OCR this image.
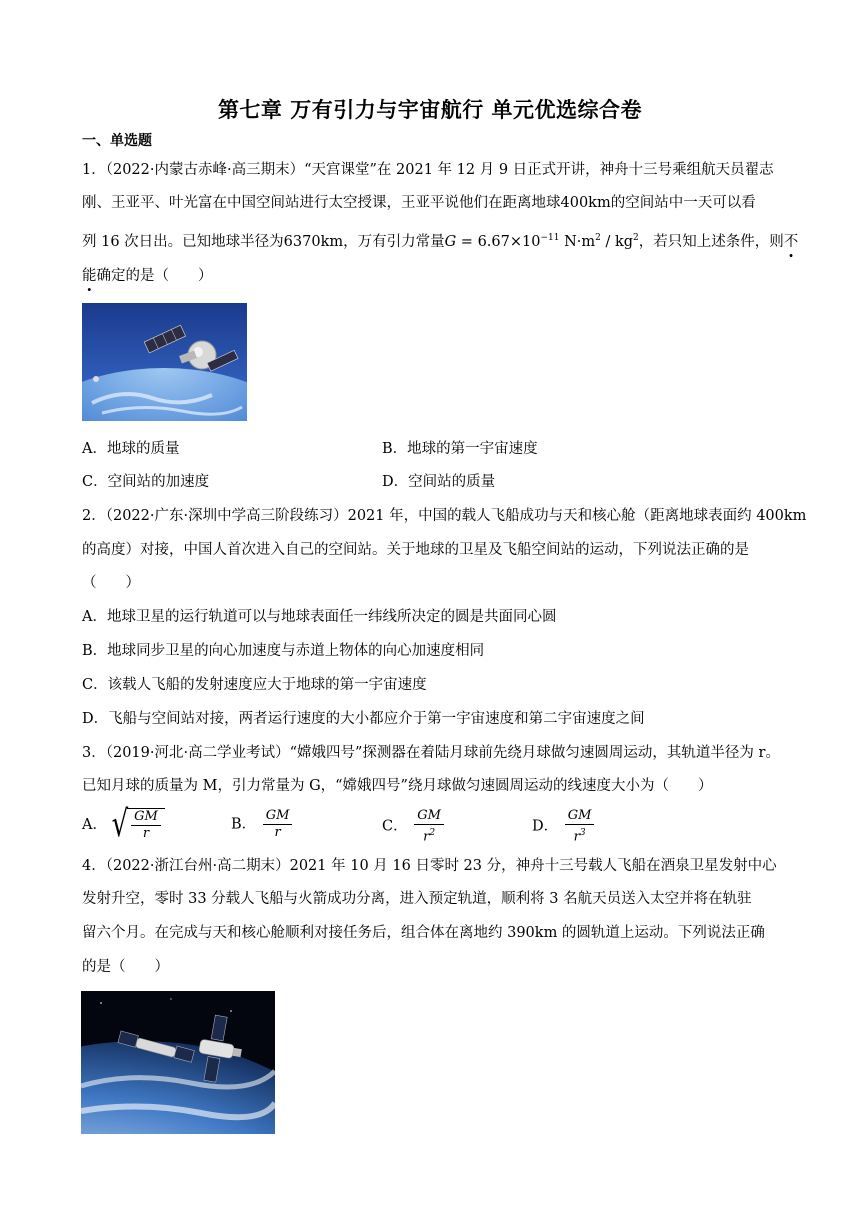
第七章 万有引力与宇宙航行 单元优选综合卷
一、单选题
1．（2022·内蒙古赤峰·高三期末）“天宫课堂”在 2021 年 12 月 9 日正式开讲，神舟十三号乘组航天员翟志
刚、王亚平、叶光富在中国空间站进行太空授课，王亚平说他们在距离地球400km的空间站中一天可以看
列 16 次日出。已知地球半径为6370km，万有引力常量$G = 6.67\times 10^{-11}$ $N\cdot m^2 / kg^2$，若只知上述条件，则不
能确定的是（　　）
A．地球的质量	B．地球的第一宇宙速度
C．空间站的加速度	D．空间站的质量
2．（2022·广东·深圳中学高三阶段练习）2021 年，中国的载人飞船成功与天和核心舱（距离地球表面约 400km
的高度）对接，中国人首次进入自己的空间站。关于地球的卫星及飞船空间站的运动，下列说法正确的是
（　　）
A．地球卫星的运行轨道可以与地球表面任一纬线所决定的圆是共面同心圆
B．地球同步卫星的向心加速度与赤道上物体的向心加速度相同
C．该载人飞船的发射速度应大于地球的第一宇宙速度
D．飞船与空间站对接，两者运行速度的大小都应介于第一宇宙速度和第二宇宙速度之间
3．（2019·河北·高二学业考试）“嫦娥四号”探测器在着陆月球前先绕月球做匀速圆周运动，其轨道半径为 r。
已知月球的质量为 M，引力常量为 G，“嫦娥四号”绕月球做匀速圆周运动的线速度大小为（　　）
A． √ $\frac{GM}{r}$	B． $\frac{GM}{r}$	C． $\frac{GM}{r^2}$	D． $\frac{GM}{r^3}$
4．（2022·浙江台州·高二期末）2021 年 10 月 16 日零时 23 分，神舟十三号载人飞船在酒泉卫星发射中心
发射升空，零时 33 分载人飞船与火箭成功分离，进入预定轨道，顺利将 3 名航天员送入太空并将在轨驻
留六个月。在完成与天和核心舱顺利对接任务后，组合体在离地约 390km 的圆轨道上运动。下列说法正确
的是（　　）
